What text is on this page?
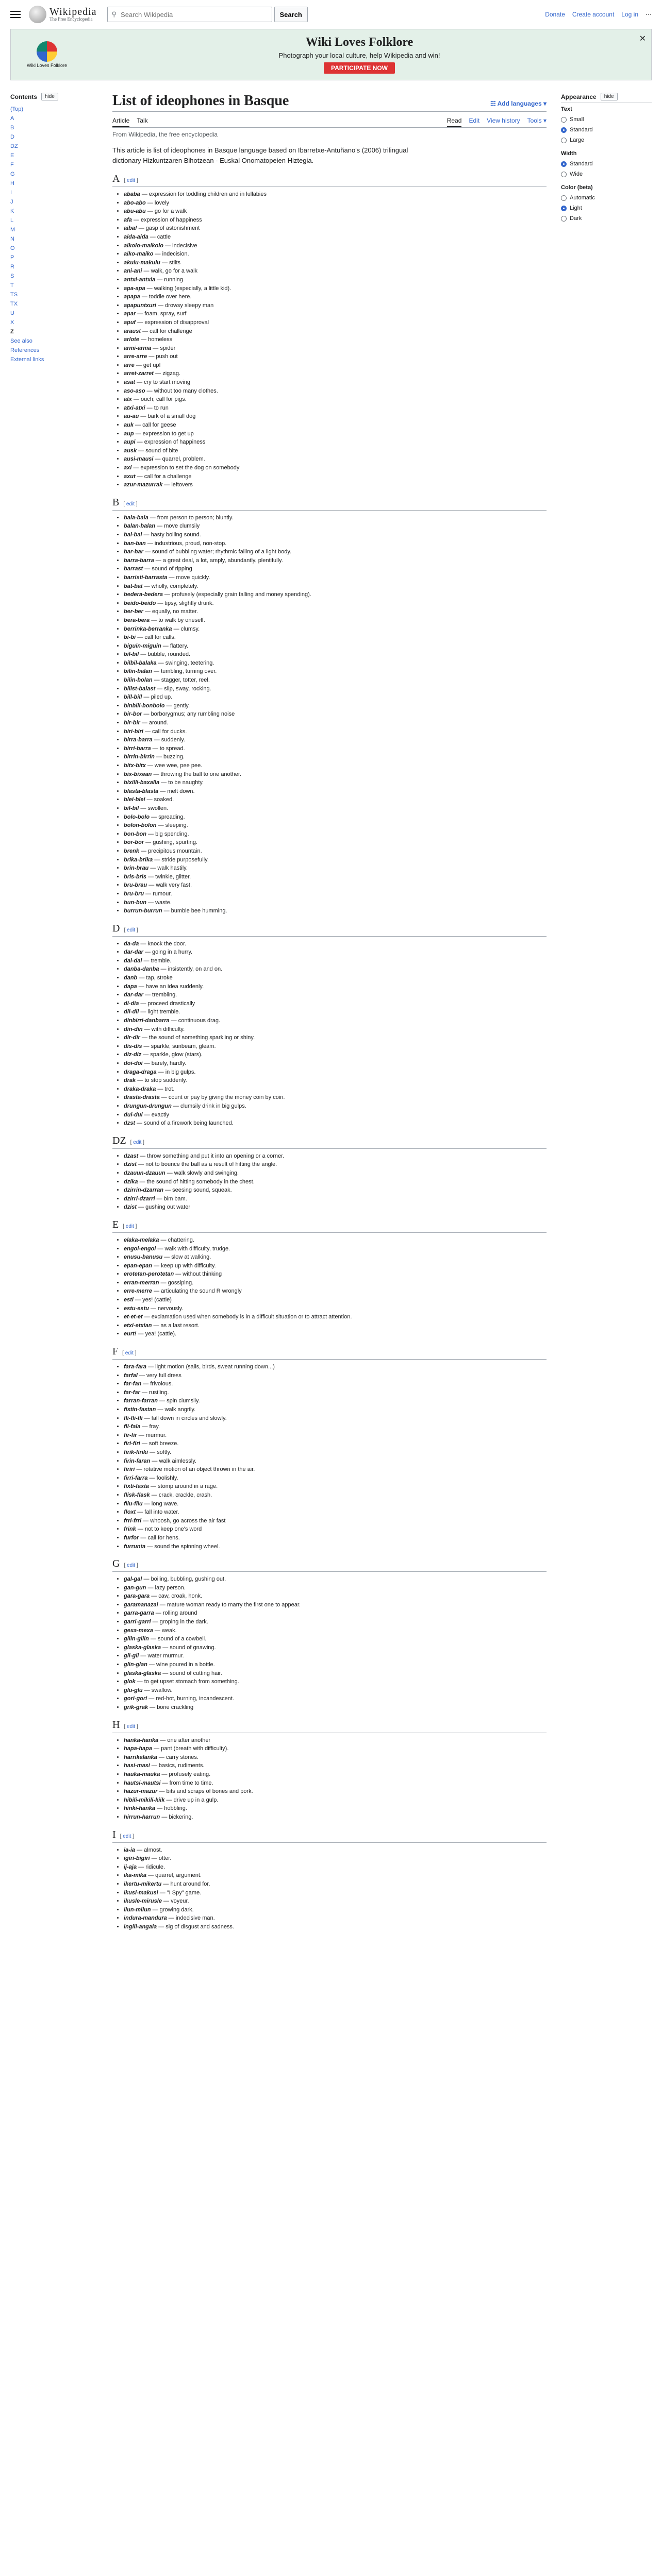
Wikipedia
The Free Encyclopedia
⚲
Search Wikipedia	Search	Donate Create account Log in ⋯
Wiki Loves Folklore
Wiki Loves Folklore
Photograph your local culture, help Wikipedia and win!
PARTICIPATE NOW
✕
Contents	hide
(Top)
A
B
D
DZ
E
F
G
H
I
J
K
L
M
N
O
P
R
S
T
TS
TX
U
X
Z
See also
References
External links
List of ideophones in Basque	☷ Add languages ▾
Article Talk	Read Edit View history Tools ▾
From Wikipedia, the free encyclopedia

This article is list of ideophones in Basque language based on Ibarretxe-Antuñano's (2006) trilingual dictionary Hizkuntzaren Bihotzean - Euskal Onomatopeien Hiztegia.

A [ edit ]
• ababa — expression for toddling children and in lullabies
• abo-abo — lovely
• abu-abu — go for a walk
• afa — expression of happiness
• aiba! — gasp of astonishment
• aida-aida — cattle
• aikolo-maikolo — indecisive
• aiko-maiko — indecision.
• akulu-makulu — stilts
• ani-ani — walk, go for a walk
• antxi-antxia — running
• apa-apa — walking (especially, a little kid).
• apapa — toddle over here.
• apapuntxuri — drowsy sleepy man
• apar — foam, spray, surf
• apuf — expression of disapproval
• araust — call for challenge
• arlote — homeless
• armi-arma — spider
• arre-arre — push out
• arre — get up!
• arret-zarret — zigzag.
• asat — cry to start moving
• aso-aso — without too many clothes.
• atx — ouch; call for pigs.
• atxi-atxi — to run
• au-au — bark of a small dog
• auk — call for geese
• aup — expression to get up
• aupi — expression of happiness
• ausk — sound of bite
• ausi-mausi — quarrel, problem.
• axi — expression to set the dog on somebody
• axut — call for a challenge
• azur-mazurrak — leftovers
B [ edit ]
• bala-bala — from person to person; bluntly.
• balan-balan — move clumsily
• bal-bal — hasty boiling sound.
• ban-ban — industrious, proud, non-stop.
• bar-bar — sound of bubbling water; rhythmic falling of a light body.
• barra-barra — a great deal, a lot, amply, abundantly, plentifully.
• barrast — sound of ripping
• barristi-barrasta — move quickly.
• bat-bat — wholly, completely.
• bedera-bedera — profusely (especially grain falling and money spending).
• beido-beido — tipsy, slightly drunk.
• ber-ber — equally, no matter.
• bera-bera — to walk by oneself.
• berrinka-berranka — clumsy.
• bi-bi — call for calls.
• biguin-miguin — flattery.
• bil-bil — bubble, rounded.
• bilbil-balaka — swinging, teetering.
• bilin-balan — tumbling, turning over.
• bilin-bolan — stagger, totter, reel.
• bilist-balast — slip, sway, rocking.
• bill-bill — piled up.
• binbili-bonbolo — gently.
• bir-bor — borborygmus; any rumbling noise
• bir-bir — around.
• biri-biri — call for ducks.
• birra-barra — suddenly.
• birri-barra — to spread.
• birrin-birrin — buzzing.
• bitx-bitx — wee wee, pee pee.
• bix-bixean — throwing the ball to one another.
• bixilli-baxalla — to be naughty.
• blasta-blasta — melt down.
• blei-blei — soaked.
• bil-bil — swollen.
• bolo-bolo — spreading.
• bolon-bolon — sleeping.
• bon-bon — big spending.
• bor-bor — gushing, spurting.
• brenk — precipitous mountain.
• brika-brika — stride purposefully.
• brin-brau — walk hastily.
• bris-bris — twinkle, glitter.
• bru-brau — walk very fast.
• bru-bru — rumour.
• bun-bun — waste.
• burrun-burrun — bumble bee humming.
D [ edit ]
• da-da — knock the door.
• dar-dar — going in a hurry.
• dal-dal — tremble.
• danba-danba — insistently, on and on.
• danb — tap, stroke
• dapa — have an idea suddenly.
• dar-dar — trembling.
• di-dia — proceed drastically
• dil-dil — light tremble.
• dinbirri-danbarra — continuous drag.
• din-din — with difficulty.
• dir-dir — the sound of something sparkling or shiny.
• dis-dis — sparkle, sunbeam, gleam.
• diz-diz — sparkle, glow (stars).
• doi-doi — barely, hardly.
• draga-draga — in big gulps.
• drak — to stop suddenly.
• draka-draka — trot.
• drasta-drasta — count or pay by giving the money coin by coin.
• drungun-drungun — clumsily drink in big gulps.
• dui-dui — exactly
• dzst — sound of a firework being launched.
DZ [ edit ]
• dzast — throw something and put it into an opening or a corner.
• dzist — not to bounce the ball as a result of hitting the angle.
• dzauun-dzauun — walk slowly and swinging.
• dzika — the sound of hitting somebody in the chest.
• dzirrin-dzarran — seesing sound, squeak.
• dzirri-dzarri — bim bam.
• dzist — gushing out water
E [ edit ]
• elaka-melaka — chattering.
• engoi-engoi — walk with difficulty, trudge.
• enusu-banusu — slow at walking.
• epan-epan — keep up with difficulty.
• erotetan-perotetan — without thinking
• erran-merran — gossiping.
• erre-merre — articulating the sound R wrongly
• esti — yes! (cattle)
• estu-estu — nervously.
• et-et-et — exclamation used when somebody is in a difficult situation or to attract attention.
• etxi-etxian — as a last resort.
• eurt! — yea! (cattle).
F [ edit ]
• fara-fara — light motion (sails, birds, sweat running down...)
• farfal — very full dress
• far-fan — frivolous.
• far-far — rustling.
• farran-farran — spin clumsily.
• fistin-fastan — walk angrily.
• fli-fli-fli — fall down in circles and slowly.
• fli-fala — fray.
• fir-fir — murmur.
• firi-firi — soft breeze.
• firik-firiki — softly.
• firin-faran — walk aimlessly.
• firiri — rotative motion of an object thrown in the air.
• firri-farra — foolishly.
• fixti-faxta — stomp around in a rage.
• flisk-flask — crack, crackle, crash.
• fliu-fliu — long wave.
• floxt — fall into water.
• frri-frri — whoosh, go across the air fast
• frink — not to keep one's word
• furfor — call for hens.
• furrunta — sound the spinning wheel.
G [ edit ]
• gal-gal — boiling, bubbling, gushing out.
• gan-gun — lazy person.
• gara-gara — caw, croak, honk.
• garamanazai — mature woman ready to marry the first one to appear.
• garra-garra — rolling around
• garri-garri — groping in the dark.
• gexa-mexa — weak.
• gilin-gilin — sound of a cowbell.
• glaska-glaska — sound of gnawing.
• gli-gli — water murmur.
• glin-glan — wine poured in a bottle.
• glaska-glaska — sound of cutting hair.
• glok — to get upset stomach from something.
• glu-glu — swallow.
• gori-gori — red-hot, burning, incandescent.
• grik-grak — bone crackling
H [ edit ]
• hanka-hanka — one after another
• hapa-hapa — pant (breath with difficulty).
• harrikalanka — carry stones.
• hasi-masi — basics, rudiments.
• hauka-mauka — profusely eating.
• hautsi-mautsi — from time to time.
• hazur-mazur — bits and scraps of bones and pork.
• hibili-mikili-kiik — drive up in a gulp.
• hinki-hanka — hobbling.
• hirrun-harrun — bickering.
I [ edit ]
• ia-ia — almost.
• igiri-bigiri — otter.
• ij-aja — ridicule.
• ika-mika — quarrel, argument.
• ikertu-mikertu — hunt around for.
• ikusi-makusi — "I Spy" game.
• ikusle-mirusle — voyeur.
• ilun-milun — growing dark.
• indura-mandura — indecisive man.
• ingili-angala — sig of disgust and sadness.
Appearance	hide
Text
Small
Standard
Large
Width
Standard
Wide
Color (beta)
Automatic
Light
Dark
